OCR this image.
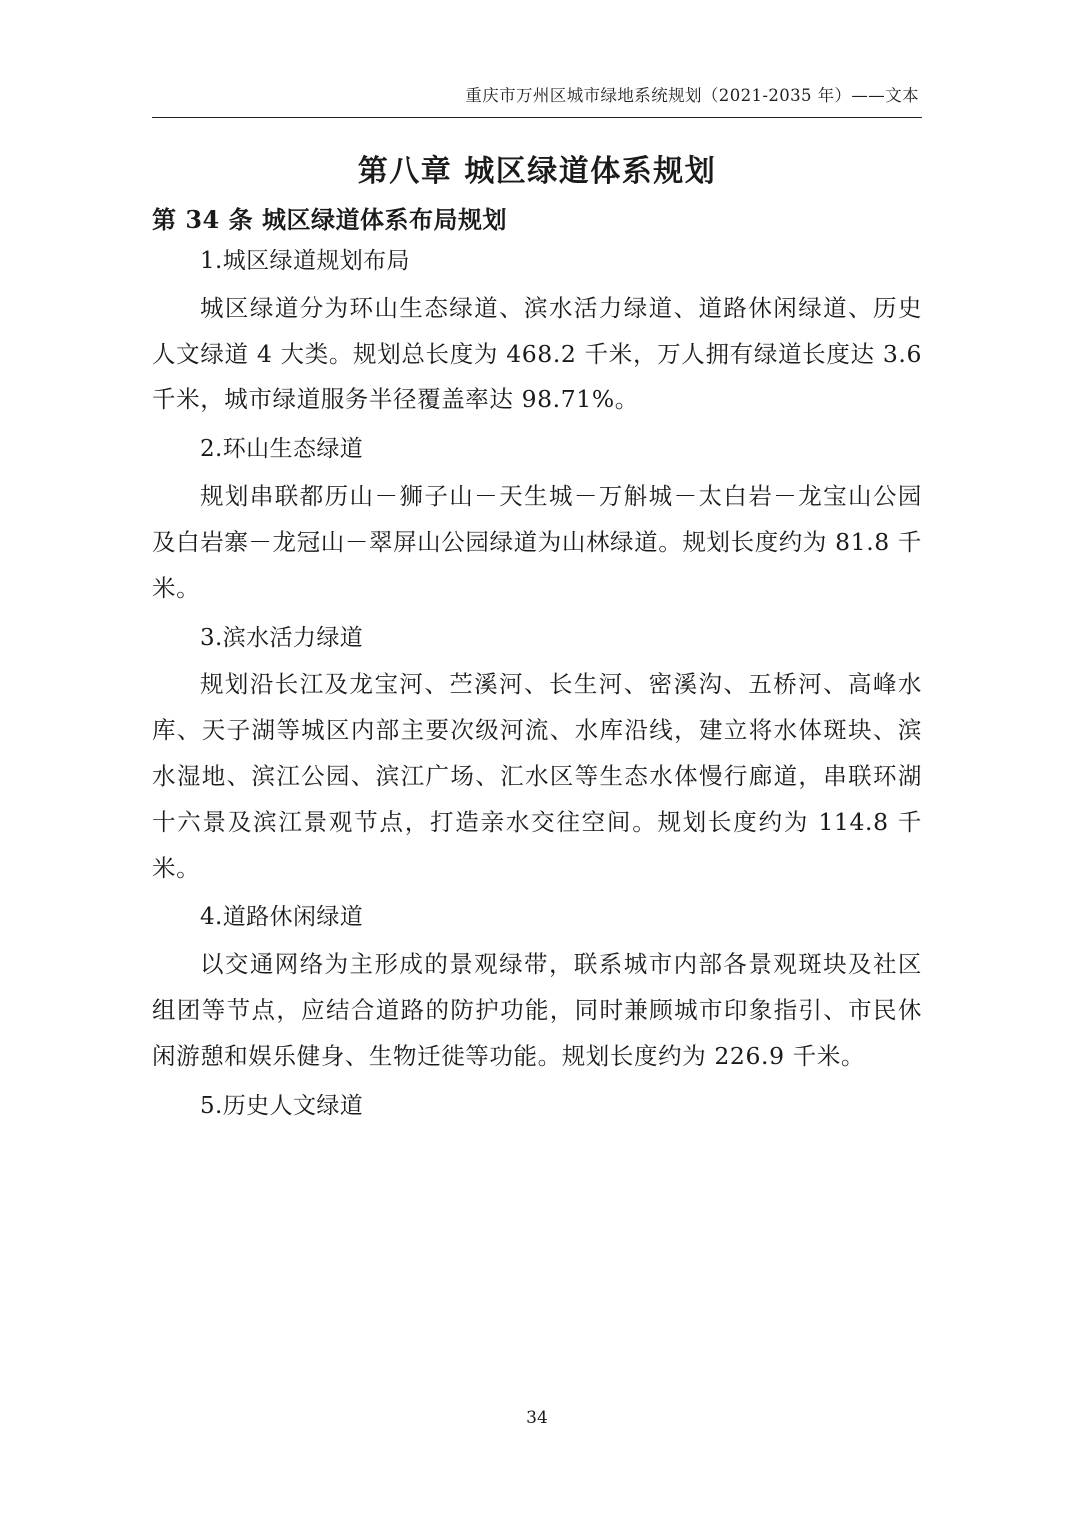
重庆市万州区城市绿地系统规划（2021-2035 年）——文本
第八章 城区绿道体系规划
第 34 条 城区绿道体系布局规划
1.城区绿道规划布局

城区绿道分为环山生态绿道、滨水活力绿道、道路休闲绿道、历史人文绿道 4 大类。规划总长度为 468.2 千米，万人拥有绿道长度达 3.6 千米，城市绿道服务半径覆盖率达 98.71%。

2.环山生态绿道

规划串联都历山－狮子山－天生城－万斛城－太白岩－龙宝山公园及白岩寨－龙冠山－翠屏山公园绿道为山林绿道。规划长度约为 81.8 千米。

3.滨水活力绿道

规划沿长江及龙宝河、苎溪河、长生河、密溪沟、五桥河、高峰水库、天子湖等城区内部主要次级河流、水库沿线，建立将水体斑块、滨水湿地、滨江公园、滨江广场、汇水区等生态水体慢行廊道，串联环湖十六景及滨江景观节点，打造亲水交往空间。规划长度约为 114.8 千米。

4.道路休闲绿道

以交通网络为主形成的景观绿带，联系城市内部各景观斑块及社区组团等节点，应结合道路的防护功能，同时兼顾城市印象指引、市民休闲游憩和娱乐健身、生物迁徙等功能。规划长度约为 226.9 千米。

5.历史人文绿道
34
